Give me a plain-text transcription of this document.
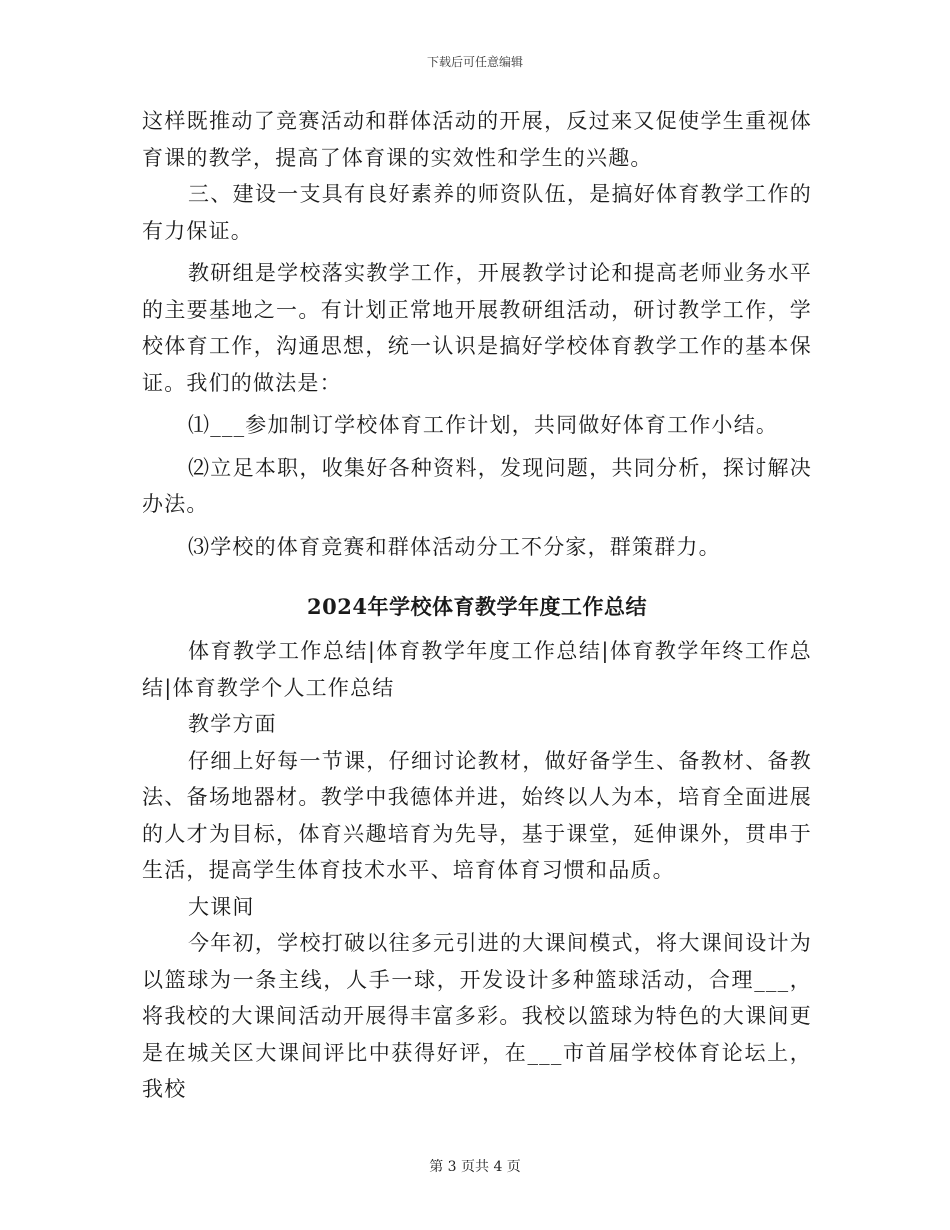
下载后可任意编辑

这样既推动了竞赛活动和群体活动的开展，反过来又促使学生重视体育课的教学，提高了体育课的实效性和学生的兴趣。

三、建设一支具有良好素养的师资队伍，是搞好体育教学工作的有力保证。

教研组是学校落实教学工作，开展教学讨论和提高老师业务水平的主要基地之一。有计划正常地开展教研组活动，研讨教学工作，学校体育工作，沟通思想，统一认识是搞好学校体育教学工作的基本保证。我们的做法是：

⑴___参加制订学校体育工作计划，共同做好体育工作小结。

⑵立足本职，收集好各种资料，发现问题，共同分析，探讨解决办法。

⑶学校的体育竞赛和群体活动分工不分家，群策群力。

2024年学校体育教学年度工作总结

体育教学工作总结|体育教学年度工作总结|体育教学年终工作总结|体育教学个人工作总结

教学方面

仔细上好每一节课，仔细讨论教材，做好备学生、备教材、备教法、备场地器材。教学中我德体并进，始终以人为本，培育全面进展的人才为目标，体育兴趣培育为先导，基于课堂，延伸课外，贯串于生活，提高学生体育技术水平、培育体育习惯和品质。

大课间

今年初，学校打破以往多元引进的大课间模式，将大课间设计为以篮球为一条主线，人手一球，开发设计多种篮球活动，合理___，将我校的大课间活动开展得丰富多彩。我校以篮球为特色的大课间更是在城关区大课间评比中获得好评，在___市首届学校体育论坛上，我校

第 3 页共 4 页
